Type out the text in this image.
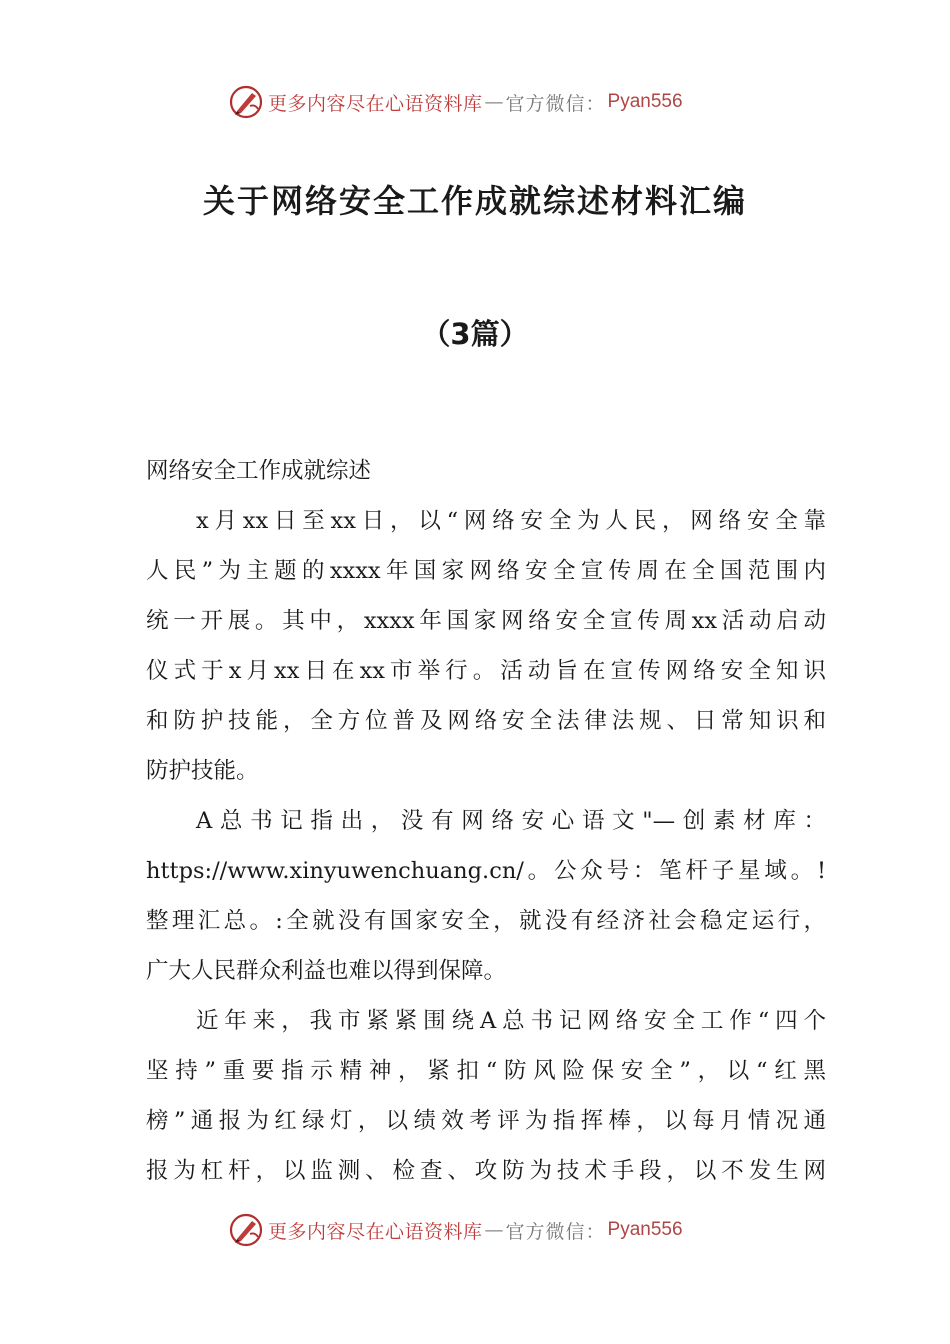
更多内容尽在心语资料库 — 官方微信： Pyan556
关于网络安全工作成就综述材料汇编
（3篇）
网络安全工作成就综述
x月xx日至xx日，以“网络安全为人民，网络安全靠
人民”为主题的xxxx年国家网络安全宣传周在全国范围内
统一开展。其中，xxxx年国家网络安全宣传周xx活动启动
仪式于x月xx日在xx市举行。活动旨在宣传网络安全知识
和防护技能，全方位普及网络安全法律法规、日常知识和
防护技能。
A总书记指出，没有网络安心语文"—创素材库：
https://www.xinyuwenchuang.cn/。公众号：笔杆子星域。!
整理汇总。:全就没有国家安全，就没有经济社会稳定运行，
广大人民群众利益也难以得到保障。
近年来，我市紧紧围绕A总书记网络安全工作“四个
坚持”重要指示精神，紧扣“防风险保安全”，以“红黑
榜”通报为红绿灯，以绩效考评为指挥棒，以每月情况通
报为杠杆，以监测、检查、攻防为技术手段，以不发生网
更多内容尽在心语资料库 — 官方微信： Pyan556
